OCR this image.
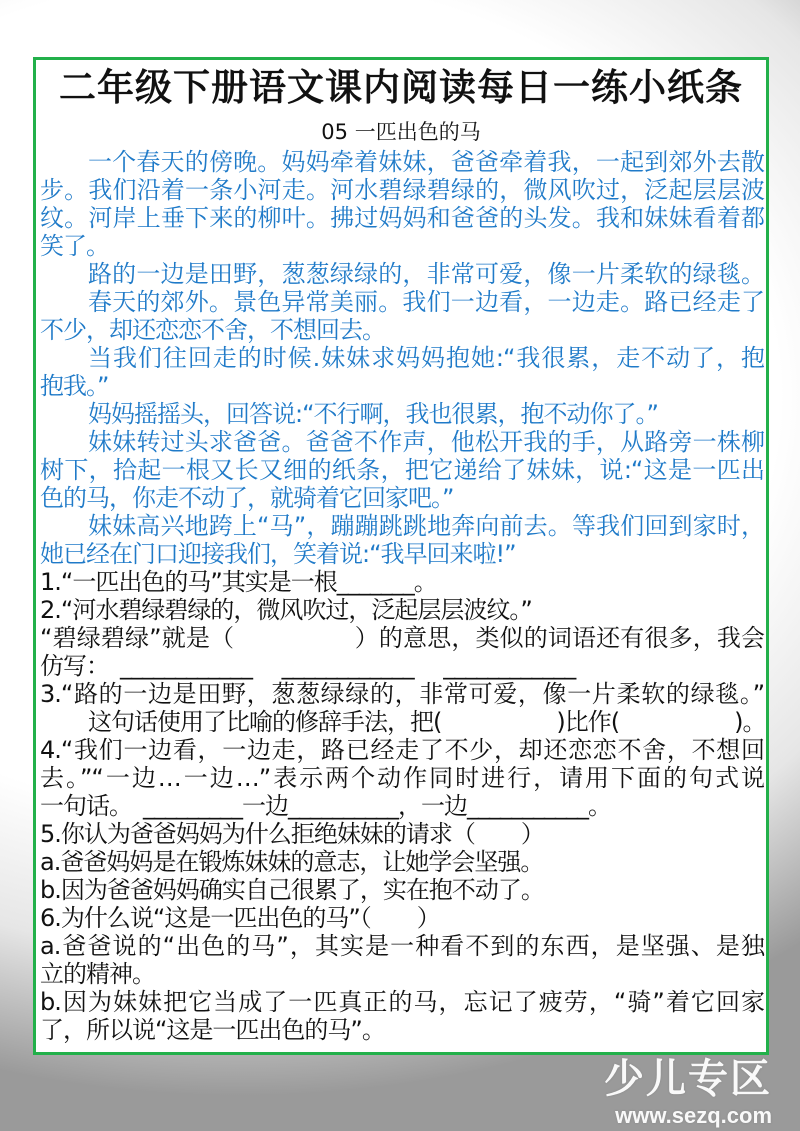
二年级下册语文课内阅读每日一练小纸条
05 一匹出色的马
一个春天的傍晚。妈妈牵着妹妹，爸爸牵着我，一起到郊外去散
步。我们沿着一条小河走。河水碧绿碧绿的，微风吹过，泛起层层波
纹。河岸上垂下来的柳叶。拂过妈妈和爸爸的头发。我和妹妹看着都
笑了。
路的一边是田野，葱葱绿绿的，非常可爱，像一片柔软的绿毯。
春天的郊外。景色异常美丽。我们一边看，一边走。路已经走了
不少，却还恋恋不舍，不想回去。
当我们往回走的时候.妹妹求妈妈抱她:“我很累，走不动了，抱
抱我。”
妈妈摇摇头，回答说:“不行啊，我也很累，抱不动你了。”
妹妹转过头求爸爸。爸爸不作声，他松开我的手，从路旁一株柳
树下，拾起一根又长又细的纸条，把它递给了妹妹，说:“这是一匹出
色的马，你走不动了，就骑着它回家吧。”
妹妹高兴地跨上“马”，蹦蹦跳跳地奔向前去。等我们回到家时，
她已经在门口迎接我们，笑着说:“我早回来啦!”
1.“一匹出色的马”其实是一根_______。
2.“河水碧绿碧绿的，微风吹过，泛起层层波纹。”
“碧绿碧绿”就是（　　　　　）的意思，类似的词语还有很多，我会
仿写：　____________　 ____________　 ____________
3.“路的一边是田野，葱葱绿绿的，非常可爱，像一片柔软的绿毯。”
这句话使用了比喻的修辞手法，把(　　　　　)比作(　　　　　)。
4.“我们一边看，一边走，路已经走了不少，却还恋恋不舍，不想回
去。”“一边…一边…”表示两个动作同时进行，请用下面的句式说
一句话。　_________一边__________，一边___________。
5.你认为爸爸妈妈为什么拒绝妹妹的请求（　　）
a.爸爸妈妈是在锻炼妹妹的意志，让她学会坚强。
b.因为爸爸妈妈确实自己很累了，实在抱不动了。
6.为什么说“这是一匹出色的马”（　　）
a.爸爸说的“出色的马”，其实是一种看不到的东西，是坚强、是独
立的精神。
b.因为妹妹把它当成了一匹真正的马，忘记了疲劳，“骑”着它回家
了，所以说“这是一匹出色的马”。
少儿专区
www.sezq.com
